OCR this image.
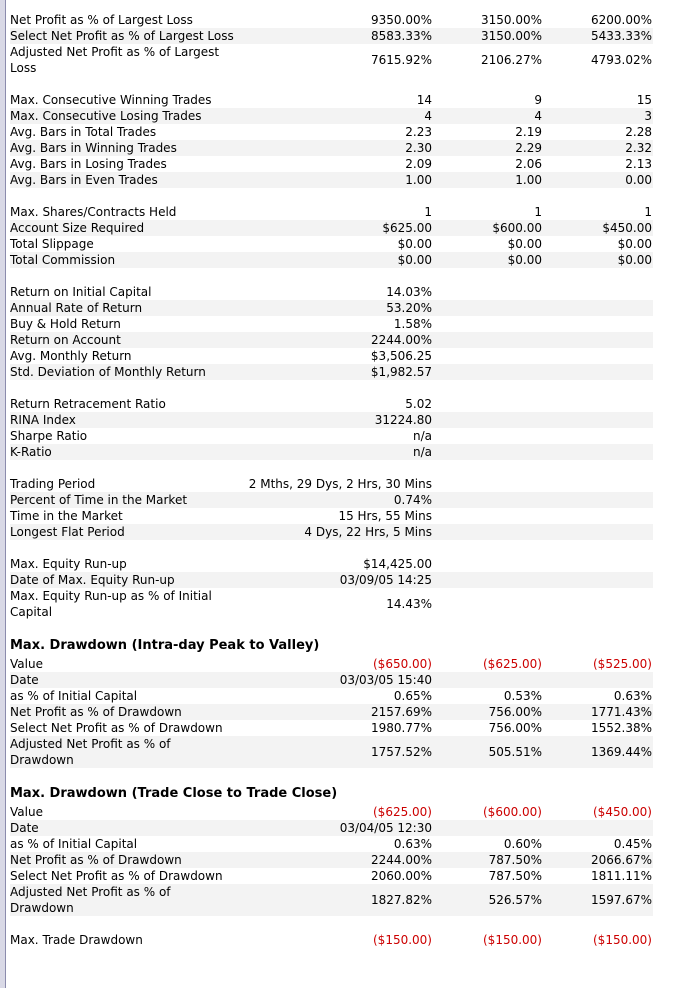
Net Profit as % of Largest Loss	9350.00%	3150.00%	6200.00%
Select Net Profit as % of Largest Loss	8583.33%	3150.00%	5433.33%
Adjusted Net Profit as % of Largest Loss
7615.92%	2106.27%	4793.02%
Max. Consecutive Winning Trades	14	9	15
Max. Consecutive Losing Trades	4	4	3
Avg. Bars in Total Trades	2.23	2.19	2.28
Avg. Bars in Winning Trades	2.30	2.29	2.32
Avg. Bars in Losing Trades	2.09	2.06	2.13
Avg. Bars in Even Trades	1.00	1.00	0.00
Max. Shares/Contracts Held	1	1	1
Account Size Required	$625.00	$600.00	$450.00
Total Slippage	$0.00	$0.00	$0.00
Total Commission	$0.00	$0.00	$0.00
Return on Initial Capital	14.03%
Annual Rate of Return	53.20%
Buy & Hold Return	1.58%
Return on Account	2244.00%
Avg. Monthly Return	$3,506.25
Std. Deviation of Monthly Return	$1,982.57
Return Retracement Ratio	5.02
RINA Index	31224.80
Sharpe Ratio	n/a
K-Ratio	n/a
Trading Period	2 Mths, 29 Dys, 2 Hrs, 30 Mins
Percent of Time in the Market	0.74%
Time in the Market	15 Hrs, 55 Mins
Longest Flat Period	4 Dys, 22 Hrs, 5 Mins
Max. Equity Run-up	$14,425.00
Date of Max. Equity Run-up	03/09/05 14:25
Max. Equity Run-up as % of Initial Capital
14.43%
Max. Drawdown (Intra-day Peak to Valley)
Value	($650.00)	($625.00)	($525.00)
Date	03/03/05 15:40
as % of Initial Capital	0.65%	0.53%	0.63%
Net Profit as % of Drawdown	2157.69%	756.00%	1771.43%
Select Net Profit as % of Drawdown	1980.77%	756.00%	1552.38%
Adjusted Net Profit as % of Drawdown
1757.52%	505.51%	1369.44%
Max. Drawdown (Trade Close to Trade Close)
Value	($625.00)	($600.00)	($450.00)
Date	03/04/05 12:30
as % of Initial Capital	0.63%	0.60%	0.45%
Net Profit as % of Drawdown	2244.00%	787.50%	2066.67%
Select Net Profit as % of Drawdown	2060.00%	787.50%	1811.11%
Adjusted Net Profit as % of Drawdown
1827.82%	526.57%	1597.67%
Max. Trade Drawdown	($150.00)	($150.00)	($150.00)
